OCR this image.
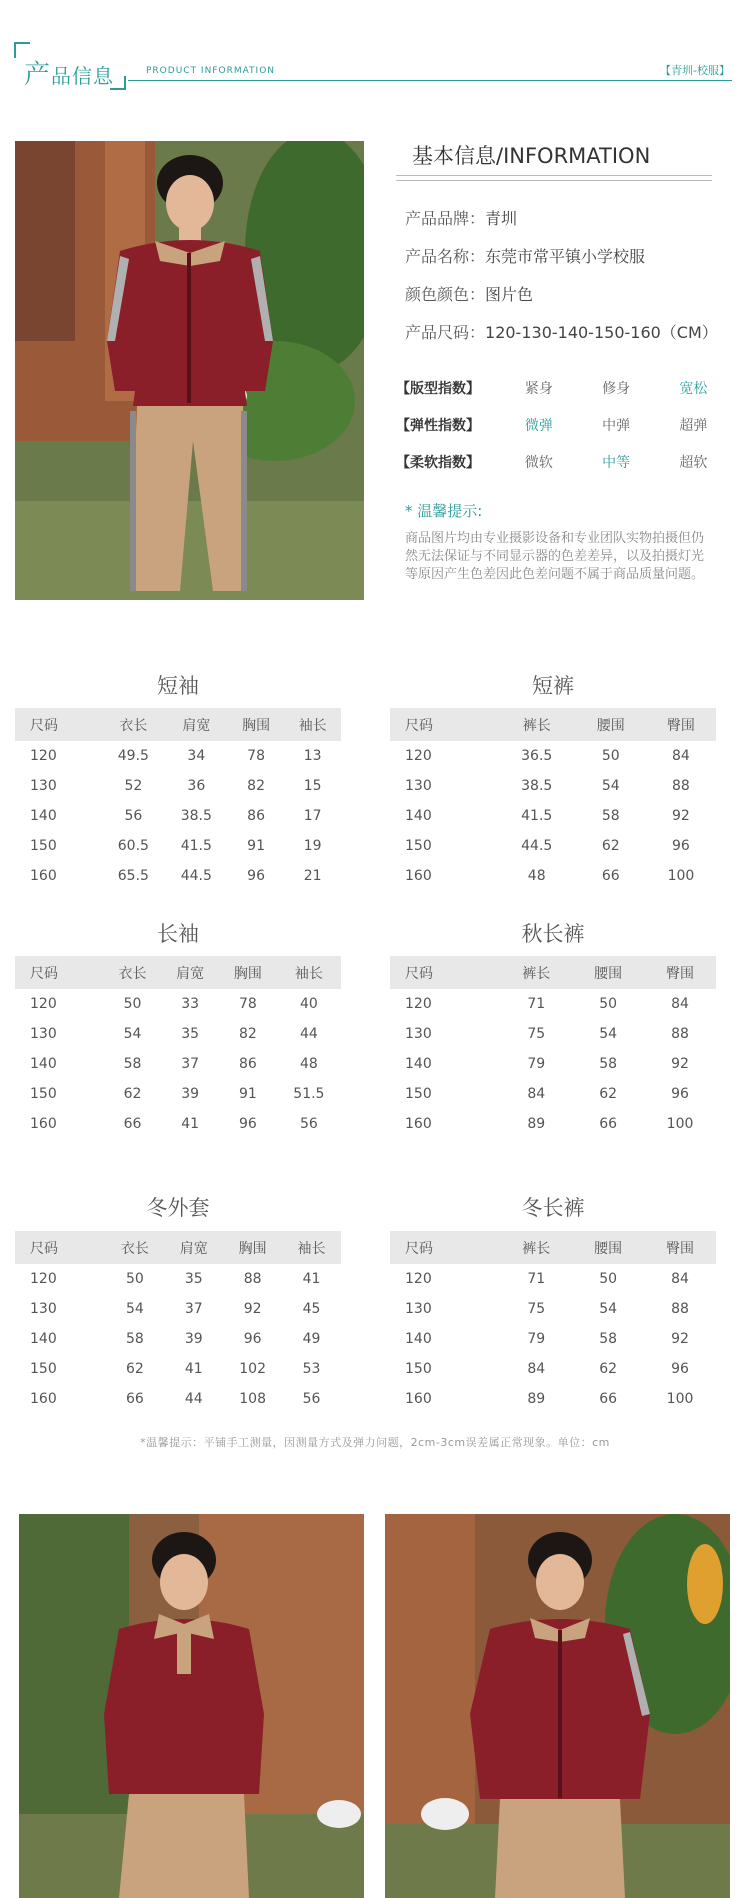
产品信息	PRODUCT INFORMATION	【青圳-校服】
基本信息/INFORMATION
产品品牌：青圳
产品名称：东莞市常平镇小学校服
颜色颜色：图片色
产品尺码：120-130-140-150-160（CM）
【版型指数】	紧身	修身	宽松
【弹性指数】	微弹	中弹	超弹
【柔软指数】	微软	中等	超软
* 温馨提示:
商品图片均由专业摄影设备和专业团队实物拍摄但仍然无法保证与不同显示器的色差差异，以及拍摄灯光等原因产生色差因此色差问题不属于商品质量问题。
短袖
尺码	衣长	肩宽	胸围	袖长
120	49.5	34	78	13
130	52	36	82	15
140	56	38.5	86	17
150	60.5	41.5	91	19
160	65.5	44.5	96	21
短裤
尺码	裤长	腰围	臀围
120	36.5	50	84
130	38.5	54	88
140	41.5	58	92
150	44.5	62	96
160	48	66	100
长袖
尺码	衣长	肩宽	胸围	袖长
120	50	33	78	40
130	54	35	82	44
140	58	37	86	48
150	62	39	91	51.5
160	66	41	96	56
秋长裤
尺码	裤长	腰围	臀围
120	71	50	84
130	75	54	88
140	79	58	92
150	84	62	96
160	89	66	100
冬外套
尺码	衣长	肩宽	胸围	袖长
120	50	35	88	41
130	54	37	92	45
140	58	39	96	49
150	62	41	102	53
160	66	44	108	56
冬长裤
尺码	裤长	腰围	臀围
120	71	50	84
130	75	54	88
140	79	58	92
150	84	62	96
160	89	66	100
*温馨提示：平铺手工测量，因测量方式及弹力问题，2cm-3cm误差属正常现象。单位：cm
